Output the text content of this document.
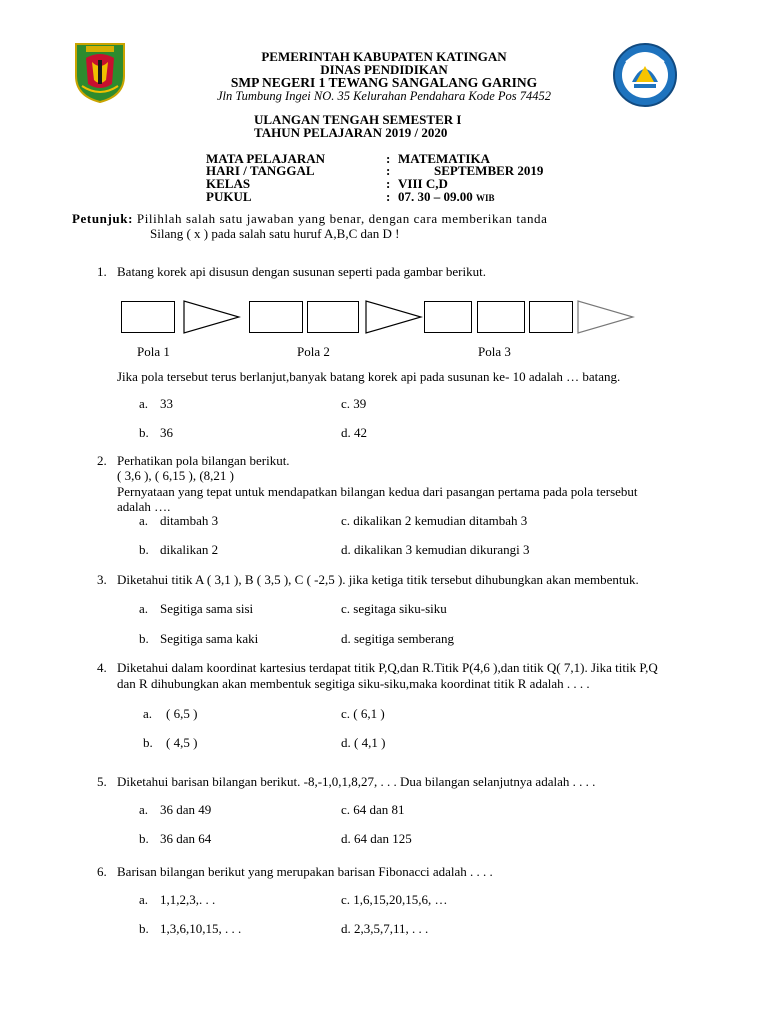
PEMERINTAH KABUPATEN KATINGAN
DINAS PENDIDIKAN
SMP NEGERI 1 TEWANG SANGALANG GARING
Jln Tumbung Ingei NO. 35 Kelurahan Pendahara Kode Pos 74452
ULANGAN TENGAH SEMESTER I
TAHUN PELAJARAN 2019 / 2020
MATA PELAJARAN	: MATEMATIKA
HARI / TANGGAL	:	SEPTEMBER 2019
KELAS	: VIII C,D
PUKUL	: 07. 30 – 09.00 WIB
Petunjuk: Pilihlah salah satu jawaban yang benar, dengan cara memberikan tanda
Silang ( x ) pada salah satu huruf A,B,C dan D !
1. Batang korek api disusun dengan susunan seperti pada gambar berikut.
Pola 1	Pola 2	Pola 3
Jika pola tersebut terus berlanjut,banyak batang korek api pada susunan ke- 10 adalah … batang.
a. 33	c. 39
b. 36	d. 42
2. Perhatikan pola bilangan berikut.
( 3,6 ), ( 6,15 ), (8,21 )
Pernyataan yang tepat untuk mendapatkan bilangan kedua dari pasangan pertama pada pola tersebut
adalah ….
a. ditambah 3	c. dikalikan 2 kemudian ditambah 3
b. dikalikan 2	d. dikalikan 3 kemudian dikurangi 3
3. Diketahui titik A ( 3,1 ), B ( 3,5 ), C ( -2,5 ). jika ketiga titik tersebut dihubungkan akan membentuk.
a. Segitiga sama sisi	c. segitaga siku-siku
b. Segitiga sama kaki	d. segitiga semberang
4. Diketahui dalam koordinat kartesius terdapat titik P,Q,dan R.Titik P(4,6 ),dan titik Q( 7,1). Jika titik P,Q
dan R dihubungkan akan membentuk segitiga siku-siku,maka koordinat titik R adalah . . . .
a. ( 6,5 )	c. ( 6,1 )
b. ( 4,5 )	d. ( 4,1 )
5. Diketahui barisan bilangan berikut. -8,-1,0,1,8,27, . . . Dua bilangan selanjutnya adalah . . . .
a. 36 dan 49	c. 64 dan 81
b. 36 dan 64	d. 64 dan 125
6. Barisan bilangan berikut yang merupakan barisan Fibonacci adalah . . . .
a. 1,1,2,3,. . .	c. 1,6,15,20,15,6, …
b. 1,3,6,10,15, . . .	d. 2,3,5,7,11, . . .
